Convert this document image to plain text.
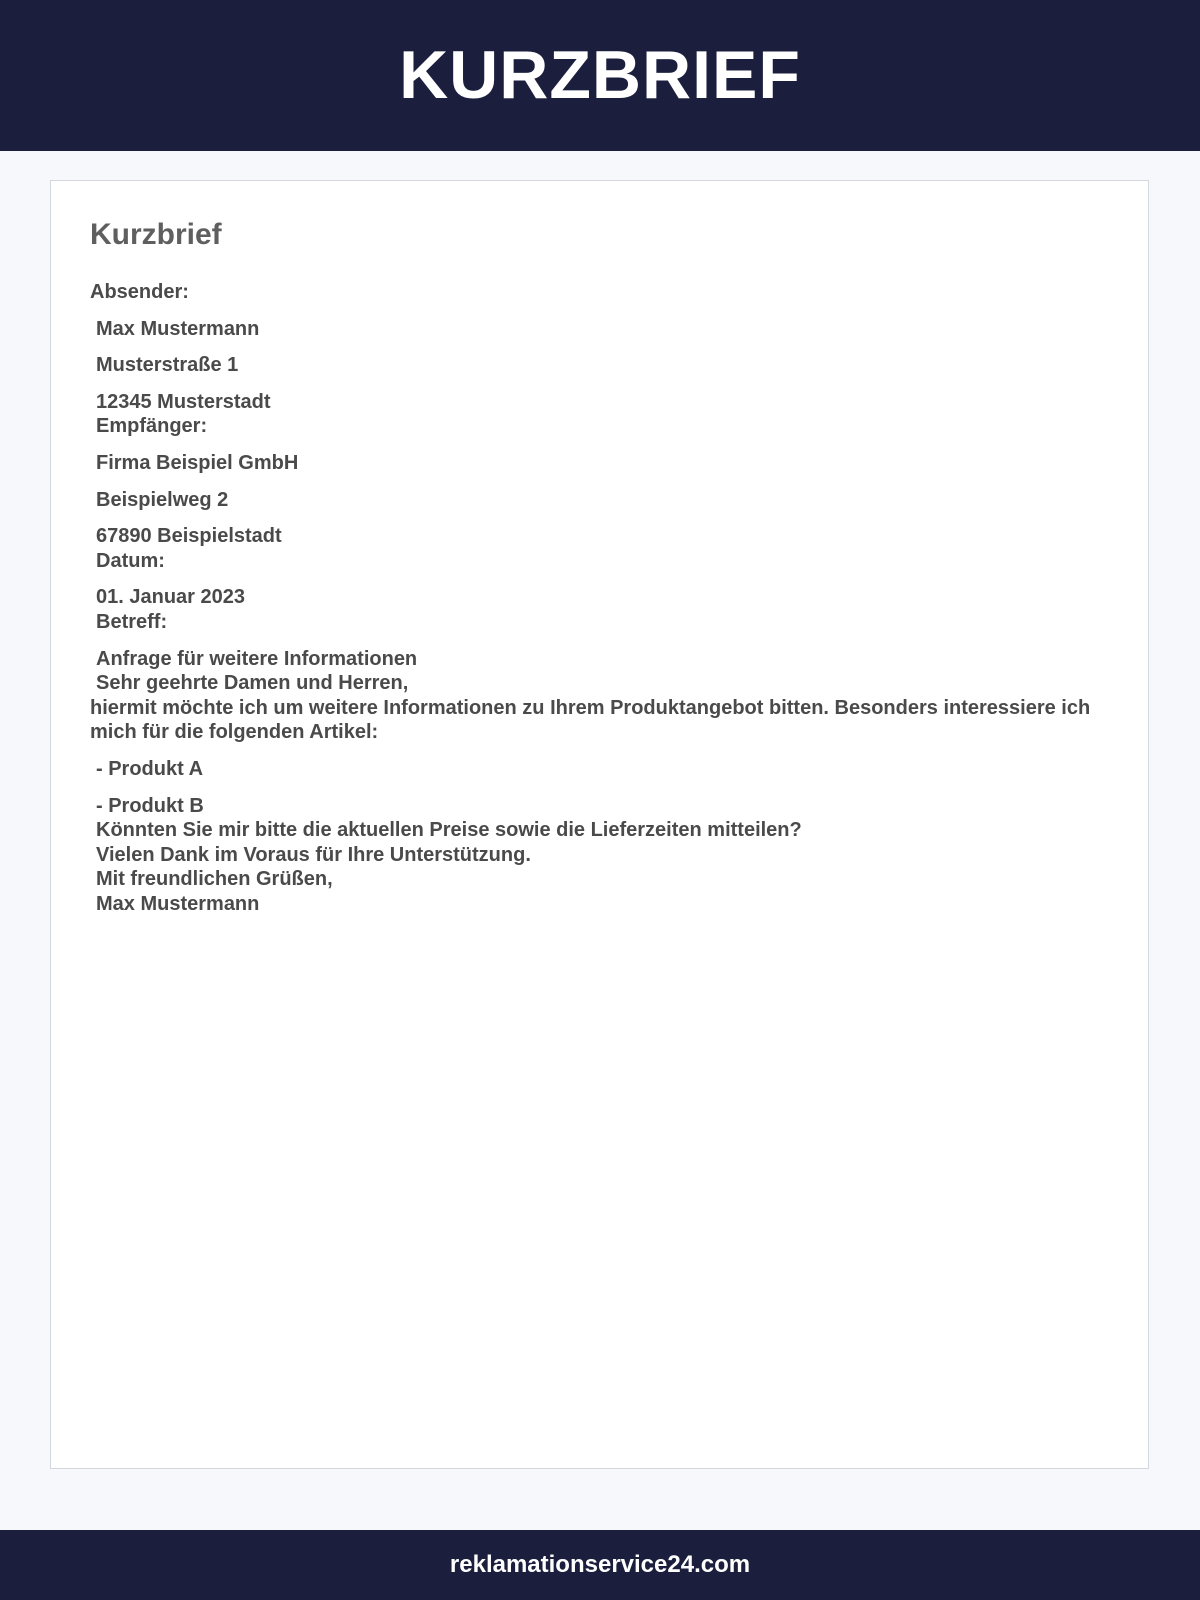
KURZBRIEF
Kurzbrief
Absender:
Max Mustermann
Musterstraße 1
12345 Musterstadt
Empfänger:
Firma Beispiel GmbH
Beispielweg 2
67890 Beispielstadt
Datum:
01. Januar 2023
Betreff:
Anfrage für weitere Informationen
Sehr geehrte Damen und Herren,
hiermit möchte ich um weitere Informationen zu Ihrem Produktangebot bitten. Besonders interessiere ich mich für die folgenden Artikel:
- Produkt A
- Produkt B
Könnten Sie mir bitte die aktuellen Preise sowie die Lieferzeiten mitteilen?
Vielen Dank im Voraus für Ihre Unterstützung.
Mit freundlichen Grüßen,
Max Mustermann
reklamationservice24.com
